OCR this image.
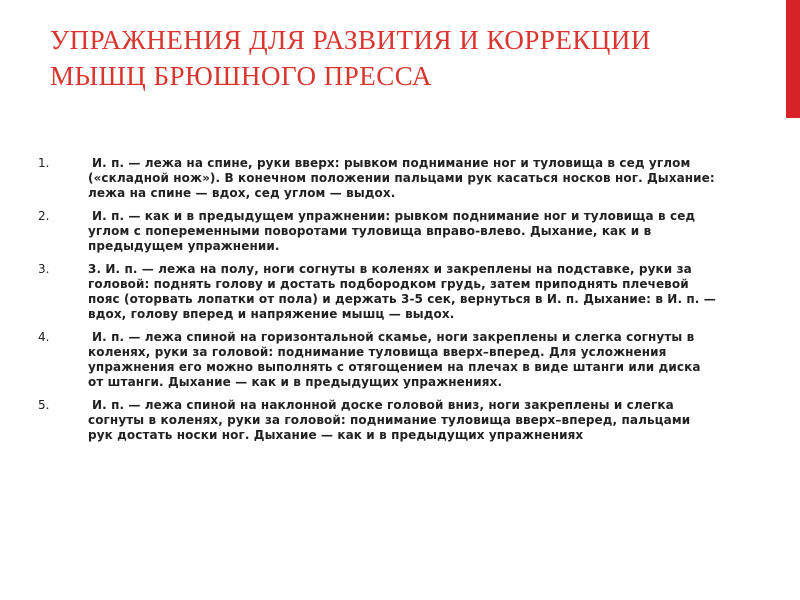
УПРАЖНЕНИЯ ДЛЯ РАЗВИТИЯ И КОРРЕКЦИИ МЫШЦ БРЮШНОГО ПРЕССА
1.	И. п. — лежа на спине, руки вверх: рывком поднимание ног и туловища в сед углом («складной нож»). В конечном положении пальцами рук касаться носков ног. Дыхание: лежа на спине — вдох, сед углом — выдох.
2.	И. п. — как и в предыдущем упражнении: рывком поднимание ног и туловища в сед углом с попеременными поворотами туловища вправо-влево. Дыхание, как и в предыдущем упражнении.
3.	3. И. п. — лежа на полу, ноги согнуты в коленях и закреплены на подставке, руки за головой: поднять голову и достать подбородком грудь, затем приподнять плечевой пояс (оторвать лопатки от пола) и держать 3-5 сек, вернуться в И. п. Дыхание: в И. п. — вдох, голову вперед и напряжение мышц — выдох.
4.	И. п. — лежа спиной на горизонтальной скамье, ноги закреплены и слегка согнуты в коленях, руки за головой: поднимание туловища вверх–вперед. Для усложнения упражнения его можно выполнять с отягощением на плечах в виде штанги или диска от штанги. Дыхание — как и в предыдущих упражнениях.
5.	И. п. — лежа спиной на наклонной доске головой вниз, ноги закреплены и слегка согнуты в коленях, руки за головой: поднимание туловища вверх–вперед, пальцами рук достать носки ног. Дыхание — как и в предыдущих упражнениях
